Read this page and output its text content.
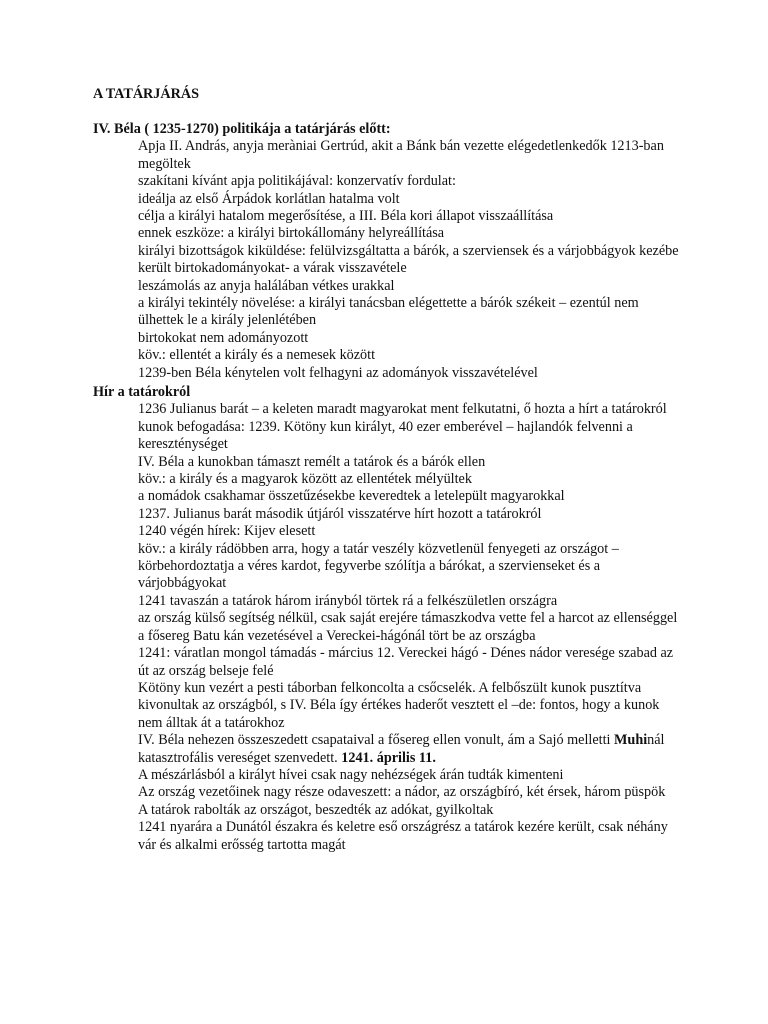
A TATÁRJÁRÁS
IV. Béla ( 1235-1270) politikája a tatárjárás előtt:
Apja II. András, anyja meràniai Gertrúd, akit a Bánk bán vezette elégedetlenkedők 1213-ban megöltek
szakítani kívánt apja politikájával: konzervatív fordulat:
ideálja az első Árpádok korlátlan hatalma volt
célja a királyi hatalom megerősítése, a III. Béla kori állapot visszaállítása
ennek eszköze: a királyi birtokállomány helyreállítása
királyi bizottságok kiküldése: felülvizsgáltatta a bárók, a szerviensek és a várjobbágyok kezébe került birtokadományokat- a várak visszavétele
leszámolás az anyja halálában vétkes urakkal
a királyi tekintély növelése: a királyi tanácsban elégettette a bárók székeit – ezentúl nem ülhettek le a király jelenlétében
birtokokat nem adományozott
köv.: ellentét a király és a nemesek között
1239-ben Béla kénytelen volt felhagyni az adományok visszavételével
Hír a tatárokról
1236 Julianus barát – a keleten maradt magyarokat ment felkutatni, ő hozta a hírt a tatárokról
kunok befogadása: 1239. Kötöny kun királyt, 40 ezer emberével – hajlandók felvenni a kereszténységet
IV. Béla a kunokban támaszt remélt a tatárok és a bárók ellen
köv.: a király és a magyarok között az ellentétek mélyültek
a nomádok csakhamar összetűzésekbe keveredtek a letelepült magyarokkal
1237. Julianus barát második útjáról visszatérve hírt hozott a tatárokról
1240 végén hírek: Kijev elesett
köv.: a király rádöbben arra, hogy a tatár veszély közvetlenül fenyegeti az országot – körbehordoztatja a véres kardot, fegyverbe szólítja a bárókat, a szervienseket és a várjobbágyokat
1241 tavaszán a tatárok három irányból törtek rá a felkészületlen országra
az ország külső segítség nélkül, csak saját erejére támaszkodva vette fel a harcot az ellenséggel
a fősereg Batu kán vezetésével a Vereckei-hágónál tört be az országba
1241: váratlan mongol támadás - március 12. Vereckei hágó - Dénes nádor veresége szabad az út az ország belseje felé
Kötöny kun vezért a pesti táborban felkoncolta a csőcselék. A felbőszült kunok pusztítva kivonultak az országból, s IV. Béla így értékes haderőt vesztett el –de: fontos, hogy a kunok nem álltak át a tatárokhoz
IV. Béla nehezen összeszedett csapataival a fősereg ellen vonult, ám a Sajó melletti Muhinál katasztrofális vereséget szenvedett. 1241. április 11.
A mészárlásból a királyt hívei csak nagy nehézségek árán tudták kimenteni
Az ország vezetőinek nagy része odaveszett: a nádor, az országbíró, két érsek, három püspök
A tatárok rabolták az országot, beszedték az adókat, gyilkoltak
1241 nyarára a Dunától északra és keletre eső országrész a tatárok kezére került, csak néhány vár és alkalmi erősség tartotta magát
